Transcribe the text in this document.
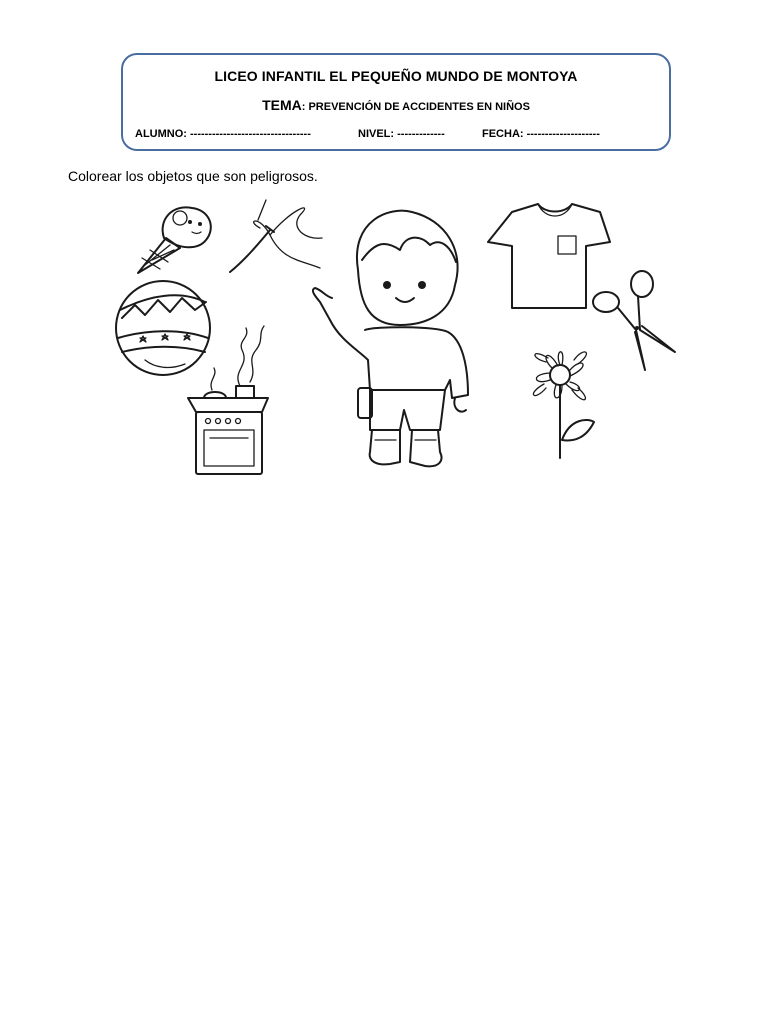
LICEO INFANTIL EL PEQUEÑO MUNDO DE MONTOYA
TEMA: PREVENCIÓN DE ACCIDENTES EN NIÑOS
ALUMNO: ---------------------------------	NIVEL: -------------	FECHA: --------------------
Colorear los objetos que son peligrosos.
